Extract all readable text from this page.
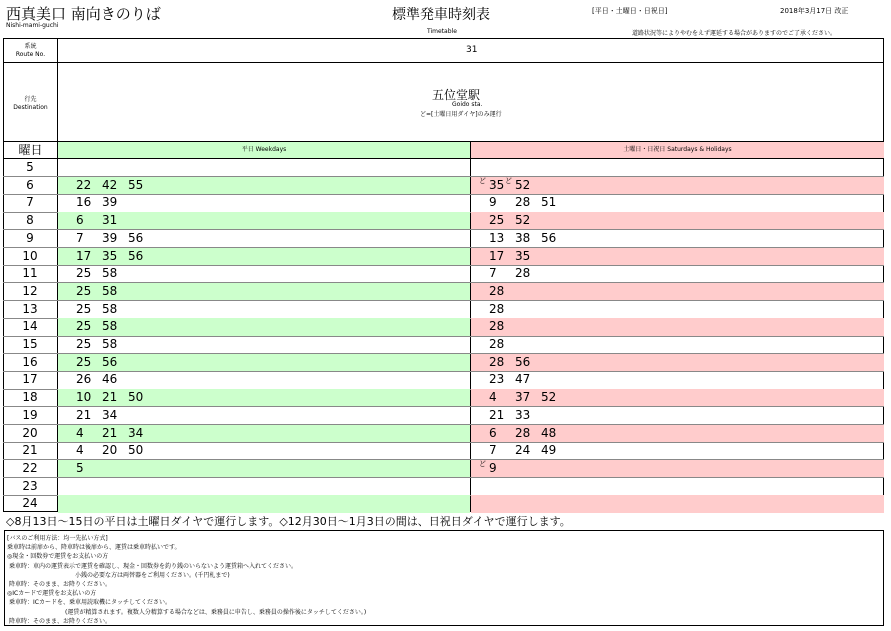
西真美口 南向きのりば
Nishi-mami-guchi
標準発車時刻表
Timetable
[平日・土曜日・日祝日]	2018年3月17日 改正
道路状況等によりやむをえず運延する場合がありますのでご了承ください。
系統
Route No.	31
行先
Destination
五位堂駅
Goido sta.
ど=[土曜日用ダイヤ]のみ運行
曜日	平日 Weekdays	土曜日・日祝日 Saturdays & Holidays
5
6	22 42 55	ど 35 ど 52
7	16 39	9 28 51
8	6 31	25 52
9	7 39 56	13 38 56
10	17 35 56	17 35
11	25 58	7 28
12	25 58	28
13	25 58	28
14	25 58	28
15	25 58	28
16	25 56	28 56
17	26 46	23 47
18	10 21 50	4 37 52
19	21 34	21 33
20	4 21 34	6 28 48
21	4 20 50	7 24 49
22	5	ど 9
23
24
◇8月13日～15日の平日は土曜日ダイヤで運行します。◇12月30日～1月3日の間は、日祝日ダイヤで運行します。
[バスのご利用方法：均一先払い方式]
乗車時は前扉から、降車時は後扉から、運賃は乗車時払いです。
◎現金・回数券で運賃をお支払いの方
乗車時：車内の運賃表示で運賃を確認し、現金・回数券を釣り銭のいらないよう運賃箱へ入れてください。
小銭の必要な方は両替器をご利用ください。(千円札まで)
降車時：そのまま、お降りください。
◎ICカードで運賃をお支払いの方
乗車時：ICカードを、乗車用読取機にタッチしてください。
(運賃が精算されます。複数人分精算する場合などは、乗務員に申告し、乗務員の操作後にタッチしてください。)
降車時：そのまま、お降りください。
